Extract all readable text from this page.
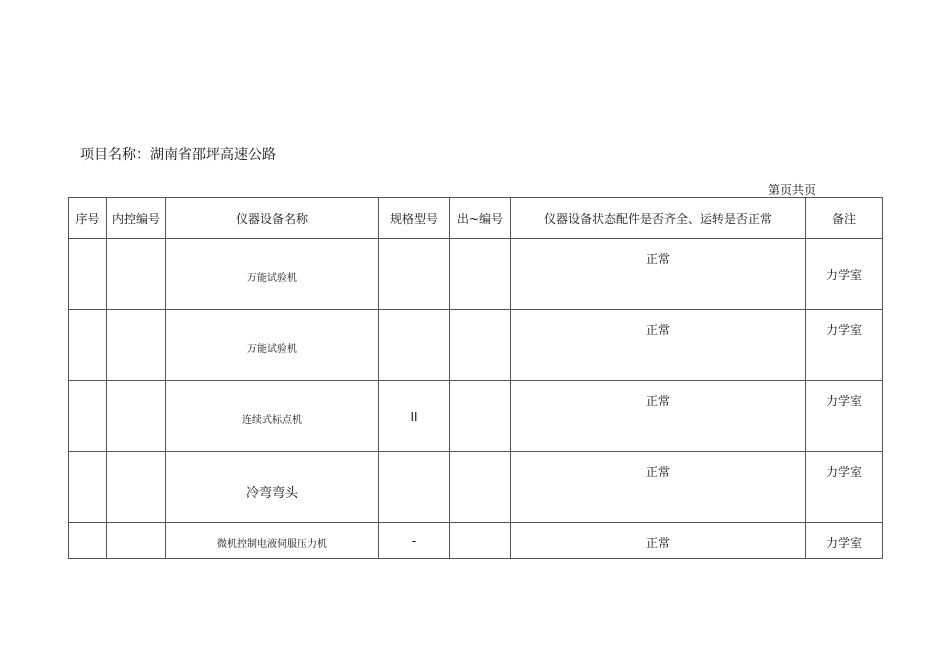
项目名称：湖南省邵坪高速公路
第页共页
序号	内控编号	仪器设备名称	规格型号	出~编号	仪器设备状态配件是否齐全、运转是否正常	备注

		万能试验机			正常	力学室

		万能试验机			正常	力学室

		连续式标点机	II		正常	力学室

		冷弯弯头			正常	力学室

		微机控制电液伺服压力机	-		正常	力学室
